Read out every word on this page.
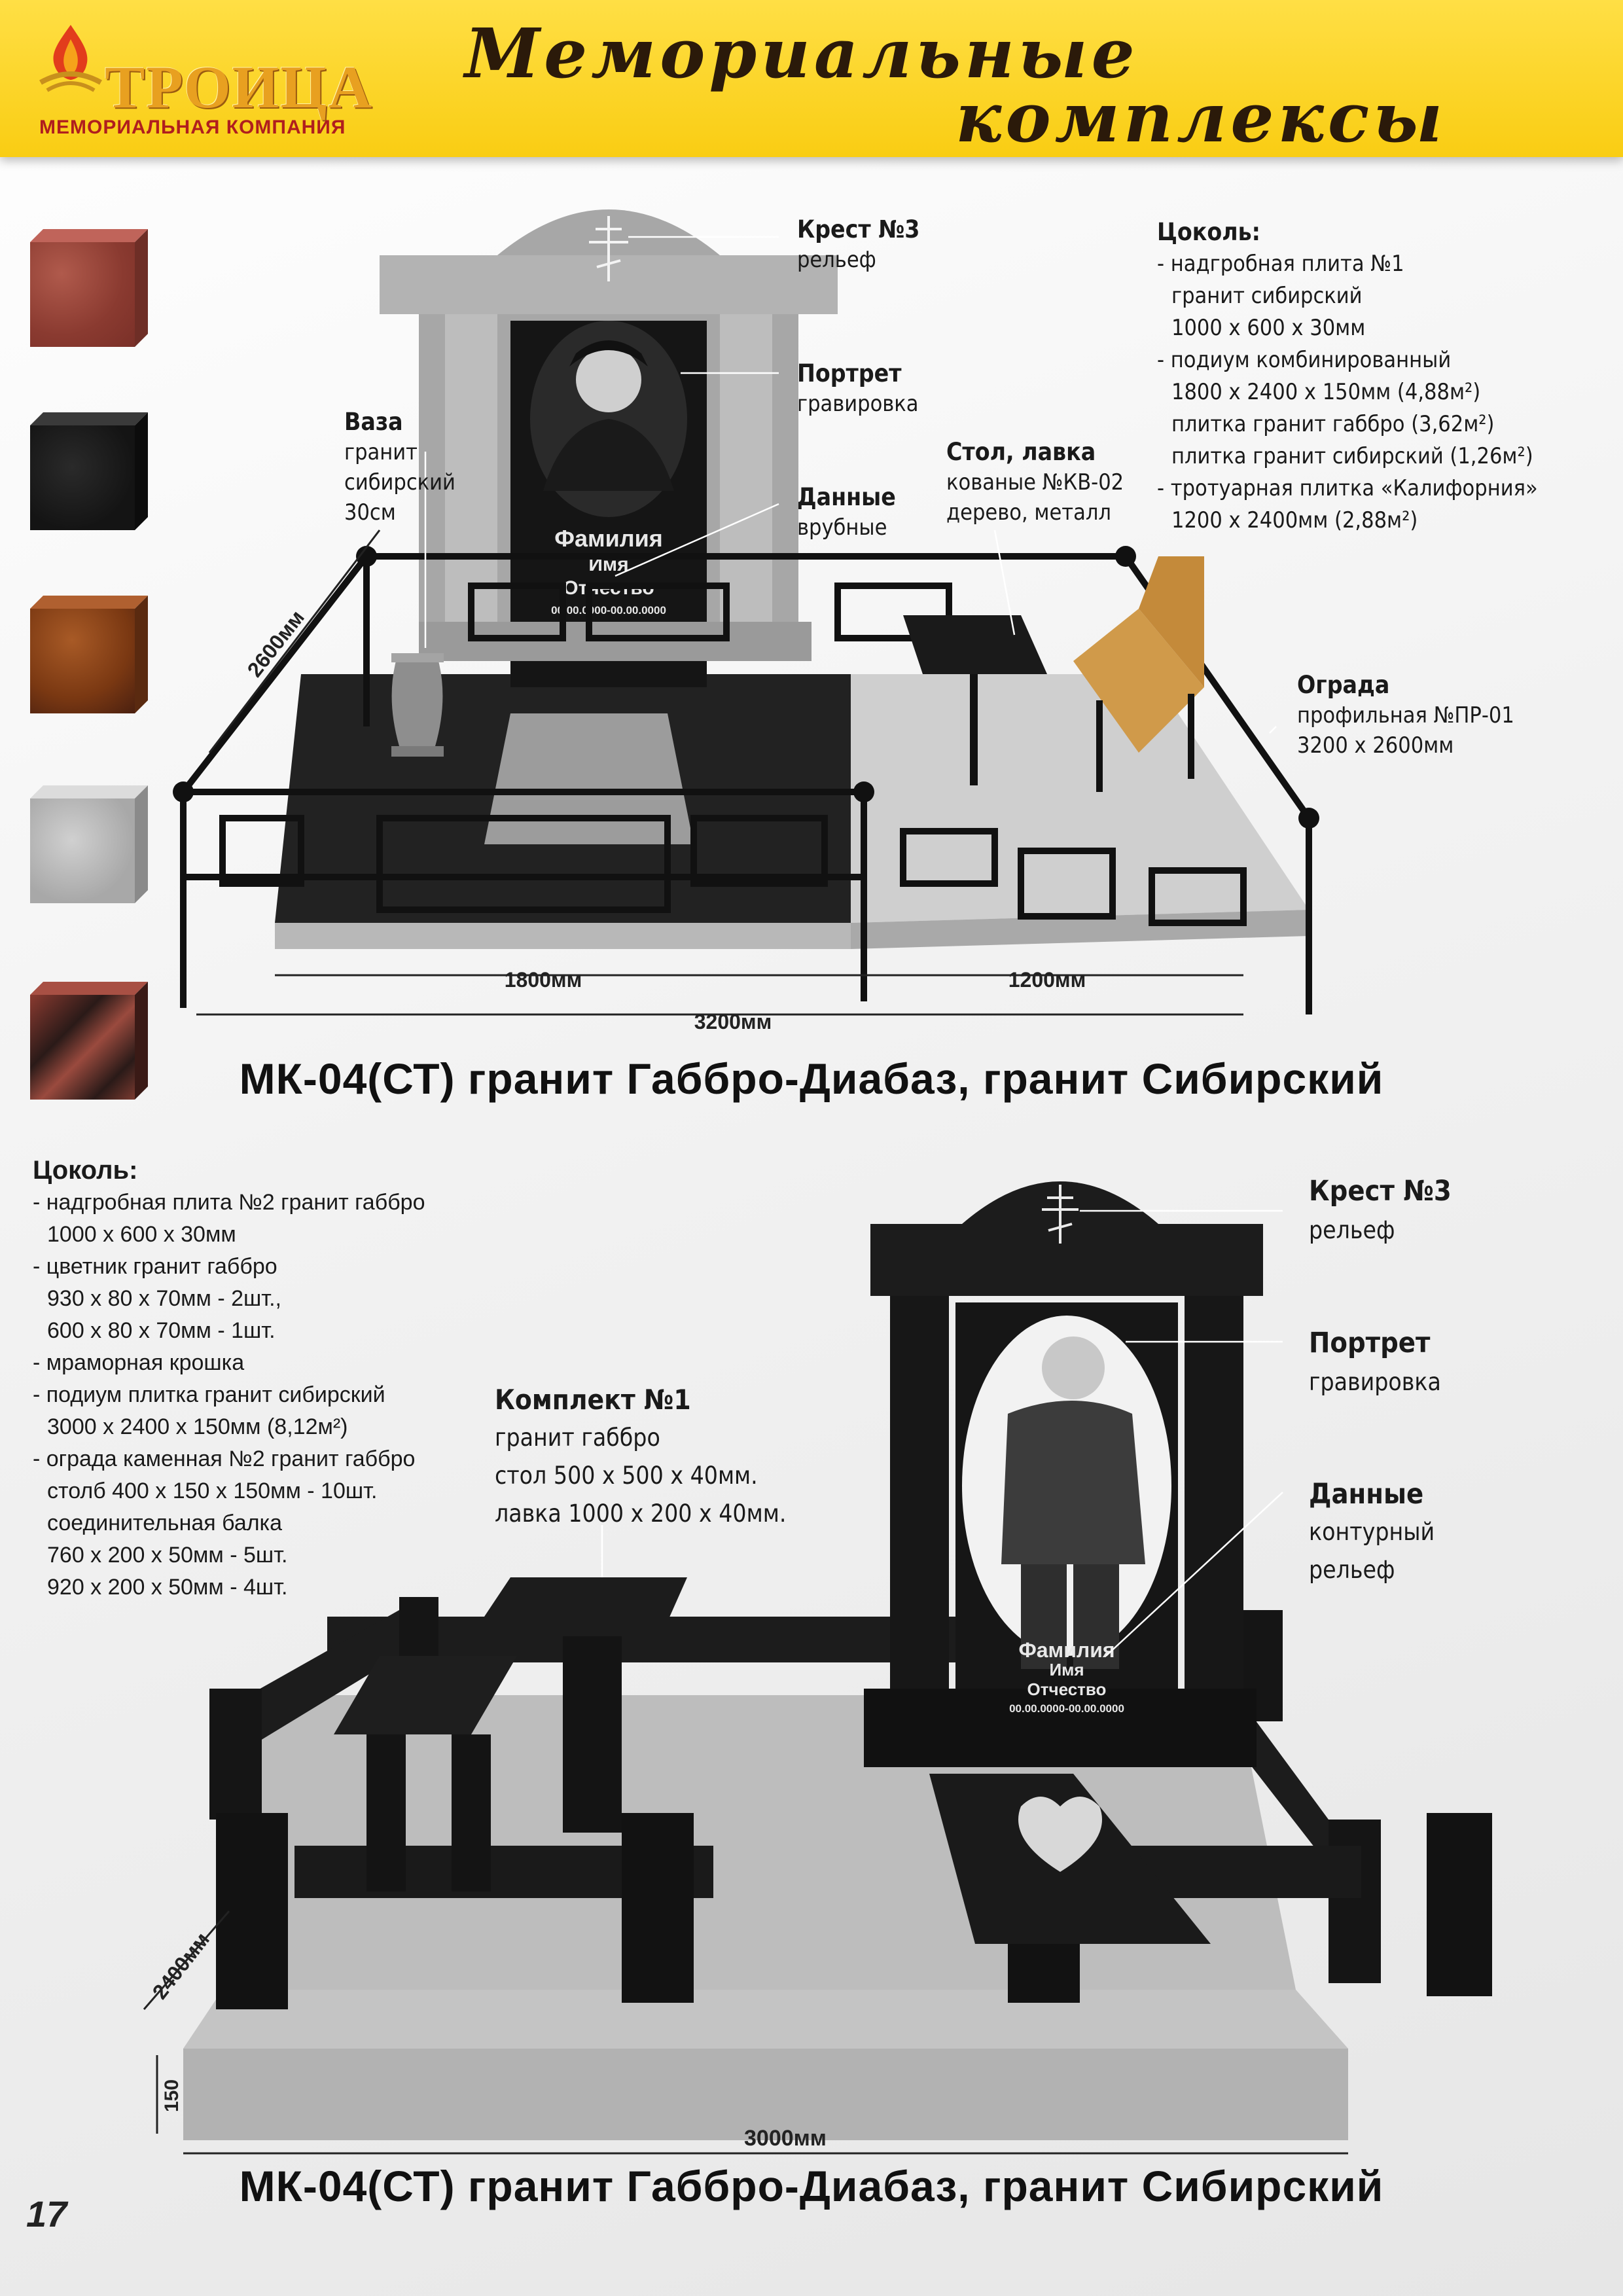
ТРОИЦА
МЕМОРИАЛЬНАЯ КОМПАНИЯ
Мемориальные
комплексы
Фамилия
Имя
Отчество
00.00.0000-00.00.0000
1800мм	1200мм
3200мм
2600мм
Крест №3
рельеф
Портрет
гравировка
Данные
врубные
Ваза
гранит
сибирский
30см
Стол, лавка
кованые №КВ-02
дерево, металл
Цоколь:
- надгробная плита №1
гранит сибирский
1000 х 600 х 30мм
- подиум комбинированный
1800 х 2400 х 150мм (4,88м²)
плитка гранит габбро (3,62м²)
плитка гранит сибирский (1,26м²)
- тротуарная плитка «Калифорния»
1200 х 2400мм (2,88м²)
Ограда
профильная №ПР-01
3200 х 2600мм
МК-04(СТ) гранит Габбро-Диабаз, гранит Сибирский
Цоколь:
- надгробная плита №2 гранит габбро
1000 х 600 х 30мм
- цветник гранит габбро
930 х 80 х 70мм - 2шт.,
600 х 80 х 70мм - 1шт.
- мраморная крошка
- подиум плитка гранит сибирский
3000 х 2400 х 150мм (8,12м²)
- ограда каменная №2 гранит габбро
столб 400 х 150 х 150мм - 10шт.
соединительная балка
760 х 200 х 50мм - 5шт.
920 х 200 х 50мм - 4шт.
Фамилия
Имя
Отчество
00.00.0000-00.00.0000
3000мм
150
2400мм
Комплект №1
гранит габбро
стол 500 х 500 х 40мм.
лавка 1000 х 200 х 40мм.
Крест №3
рельеф
Портрет
гравировка
Данные
контурный
рельеф
МК-04(СТ) гранит Габбро-Диабаз, гранит Сибирский
17
